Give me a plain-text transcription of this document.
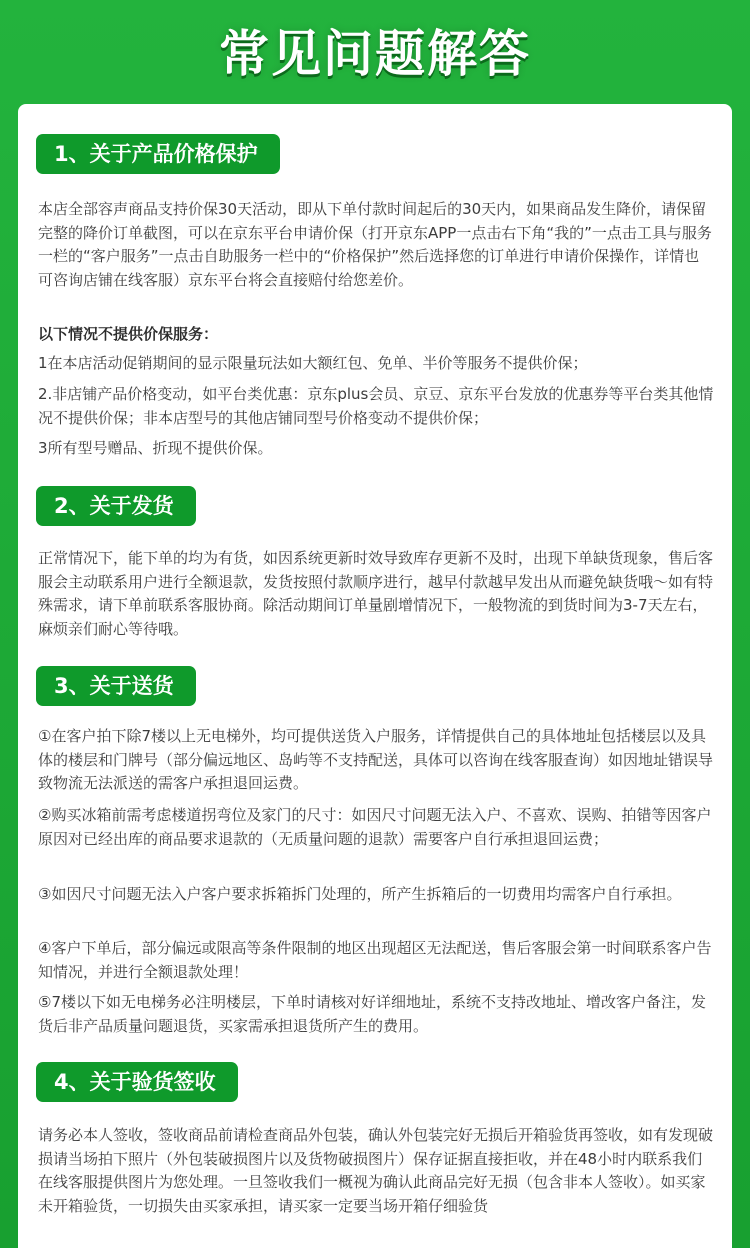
常见问题解答
1、关于产品价格保护

本店全部容声商品支持价保30天活动，即从下单付款时间起后的30天内，如果商品发生降价，请保留完整的降价订单截图，可以在京东平台申请价保（打开京东APP一点击右下角“我的”一点击工具与服务一栏的“客户服务”一点击自助服务一栏中的“价格保护”然后选择您的订单进行申请价保操作，详情也可咨询店铺在线客服）京东平台将会直接赔付给您差价。

以下情况不提供价保服务：

1在本店活动促销期间的显示限量玩法如大额红包、免单、半价等服务不提供价保；

2.非店铺产品价格变动，如平台类优惠：京东plus会员、京豆、京东平台发放的优惠券等平台类其他情况不提供价保；非本店型号的其他店铺同型号价格变动不提供价保；

3所有型号赠品、折现不提供价保。

2、关于发货

正常情况下，能下单的均为有货，如因系统更新时效导致库存更新不及时，出现下单缺货现象，售后客服会主动联系用户进行全额退款，发货按照付款顺序进行，越早付款越早发出从而避免缺货哦～如有特殊需求，请下单前联系客服协商。除活动期间订单量剧增情况下，一般物流的到货时间为3-7天左右，麻烦亲们耐心等待哦。

3、关于送货

①在客户拍下除7楼以上无电梯外，均可提供送货入户服务，详情提供自己的具体地址包括楼层以及具体的楼层和门牌号（部分偏远地区、岛屿等不支持配送，具体可以咨询在线客服查询）如因地址错误导致物流无法派送的需客户承担退回运费。

②购买冰箱前需考虑楼道拐弯位及家门的尺寸：如因尺寸问题无法入户、不喜欢、误购、拍错等因客户原因对已经出库的商品要求退款的（无质量问题的退款）需要客户自行承担退回运费；

③如因尺寸问题无法入户客户要求拆箱拆门处理的，所产生拆箱后的一切费用均需客户自行承担。

④客户下单后，部分偏远或限高等条件限制的地区出现超区无法配送，售后客服会第一时间联系客户告知情况，并进行全额退款处理！

⑤7楼以下如无电梯务必注明楼层，下单时请核对好详细地址，系统不支持改地址、增改客户备注，发货后非产品质量问题退货，买家需承担退货所产生的费用。

4、关于验货签收

请务必本人签收，签收商品前请检查商品外包装，确认外包装完好无损后开箱验货再签收，如有发现破损请当场拍下照片（外包装破损图片以及货物破损图片）保存证据直接拒收，并在48小时内联系我们在线客服提供图片为您处理。一旦签收我们一概视为确认此商品完好无损（包含非本人签收）。如买家未开箱验货，一切损失由买家承担，请买家一定要当场开箱仔细验货
